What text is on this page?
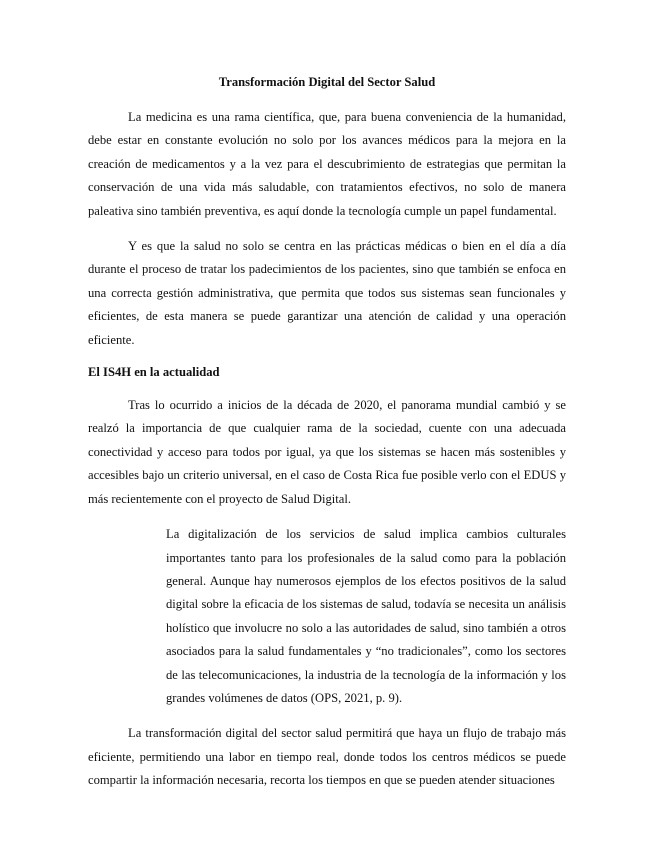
Transformación Digital del Sector Salud

La medicina es una rama científica, que, para buena conveniencia de la humanidad, debe estar en constante evolución no solo por los avances médicos para la mejora en la creación de medicamentos y a la vez para el descubrimiento de estrategias que permitan la conservación de una vida más saludable, con tratamientos efectivos, no solo de manera paleativa sino también preventiva, es aquí donde la tecnología cumple un papel fundamental.

Y es que la salud no solo se centra en las prácticas médicas o bien en el día a día durante el proceso de tratar los padecimientos de los pacientes, sino que también se enfoca en una correcta gestión administrativa, que permita que todos sus sistemas sean funcionales y eficientes, de esta manera se puede garantizar una atención de calidad y una operación eficiente.

El IS4H en la actualidad

Tras lo ocurrido a inicios de la década de 2020, el panorama mundial cambió y se realzó la importancia de que cualquier rama de la sociedad, cuente con una adecuada conectividad y acceso para todos por igual, ya que los sistemas se hacen más sostenibles y accesibles bajo un criterio universal, en el caso de Costa Rica fue posible verlo con el EDUS y más recientemente con el proyecto de Salud Digital.

La digitalización de los servicios de salud implica cambios culturales importantes tanto para los profesionales de la salud como para la población general. Aunque hay numerosos ejemplos de los efectos positivos de la salud digital sobre la eficacia de los sistemas de salud, todavía se necesita un análisis holístico que involucre no solo a las autoridades de salud, sino también a otros asociados para la salud fundamentales y “no tradicionales”, como los sectores de las telecomunicaciones, la industria de la tecnología de la información y los grandes volúmenes de datos (OPS, 2021, p. 9).

La transformación digital del sector salud permitirá que haya un flujo de trabajo más eficiente, permitiendo una labor en tiempo real, donde todos los centros médicos se puede compartir la información necesaria, recorta los tiempos en que se pueden atender situaciones
